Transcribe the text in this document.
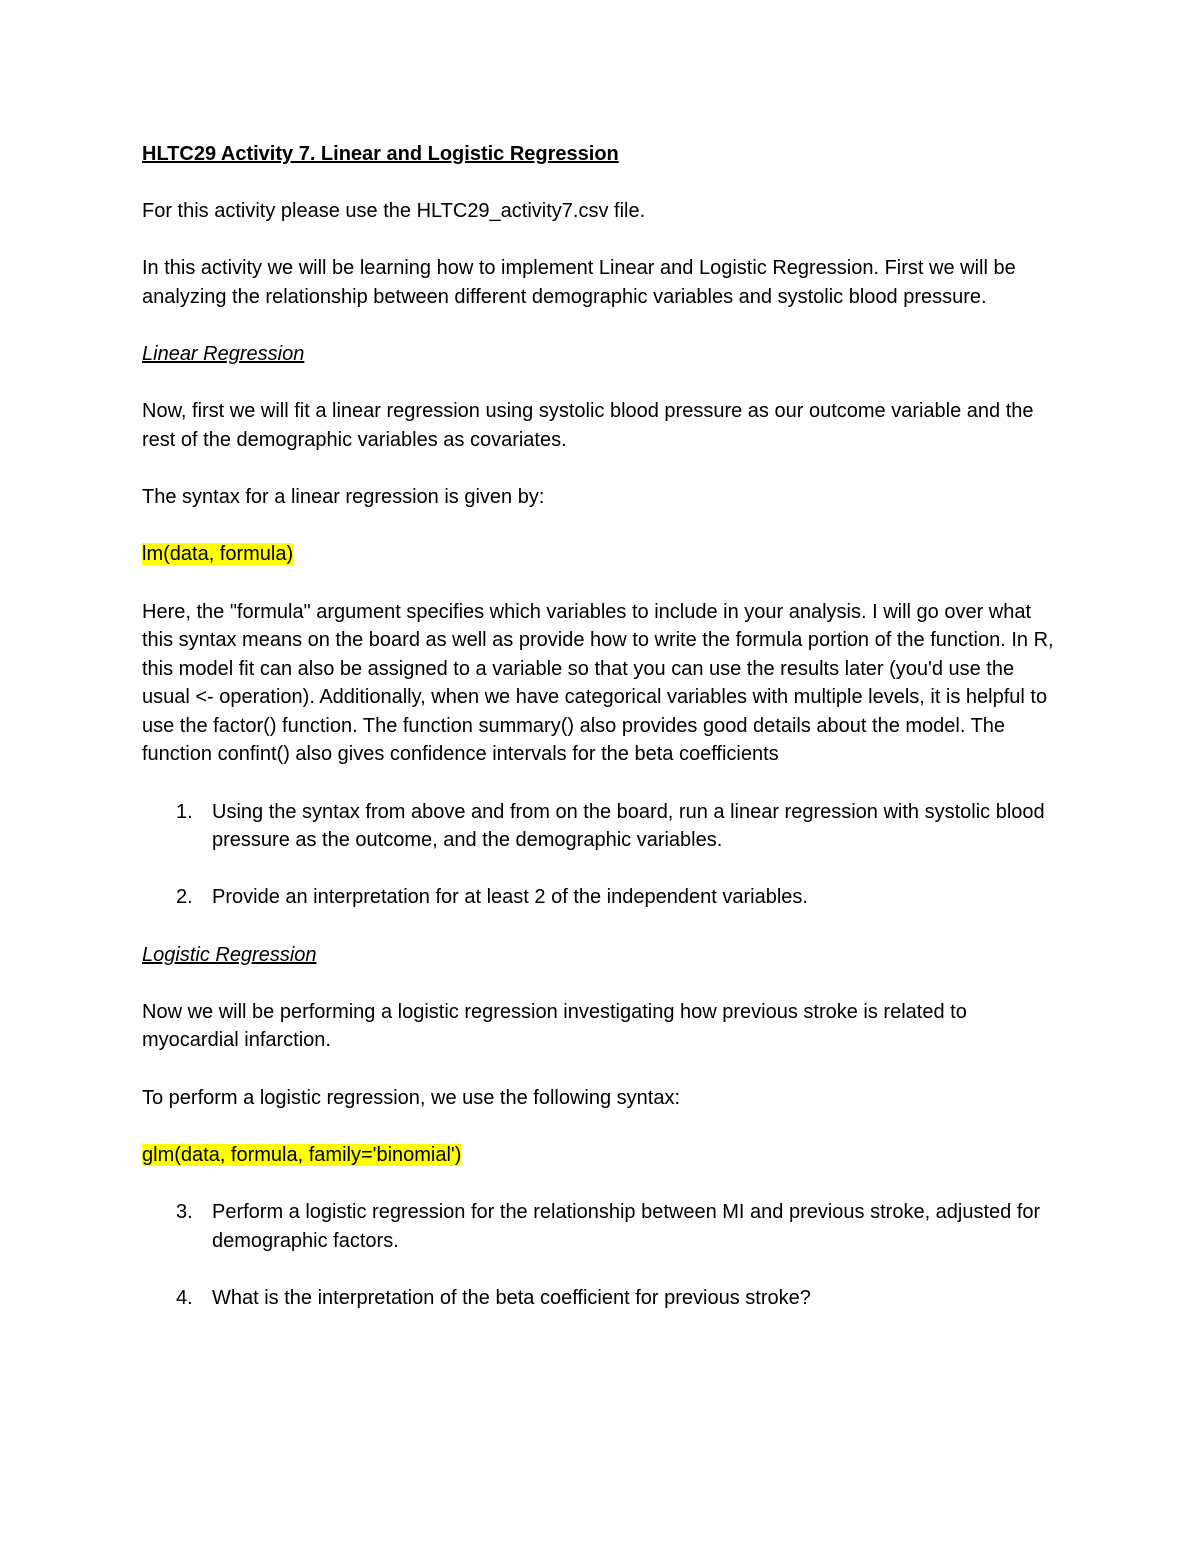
HLTC29 Activity 7. Linear and Logistic Regression

For this activity please use the HLTC29_activity7.csv file.

In this activity we will be learning how to implement Linear and Logistic Regression. First we will be analyzing the relationship between different demographic variables and systolic blood pressure.

Linear Regression

Now, first we will fit a linear regression using systolic blood pressure as our outcome variable and the rest of the demographic variables as covariates.

The syntax for a linear regression is given by:

lm(data, formula)

Here, the "formula" argument specifies which variables to include in your analysis. I will go over what this syntax means on the board as well as provide how to write the formula portion of the function. In R, this model fit can also be assigned to a variable so that you can use the results later (you'd use the usual <- operation). Additionally, when we have categorical variables with multiple levels, it is helpful to use the factor() function. The function summary() also provides good details about the model. The function confint() also gives confidence intervals for the beta coefficients

1. Using the syntax from above and from on the board, run a linear regression with systolic blood pressure as the outcome, and the demographic variables.
2. Provide an interpretation for at least 2 of the independent variables.

Logistic Regression

Now we will be performing a logistic regression investigating how previous stroke is related to myocardial infarction.

To perform a logistic regression, we use the following syntax:

glm(data, formula, family='binomial')

3. Perform a logistic regression for the relationship between MI and previous stroke, adjusted for demographic factors.
4. What is the interpretation of the beta coefficient for previous stroke?
